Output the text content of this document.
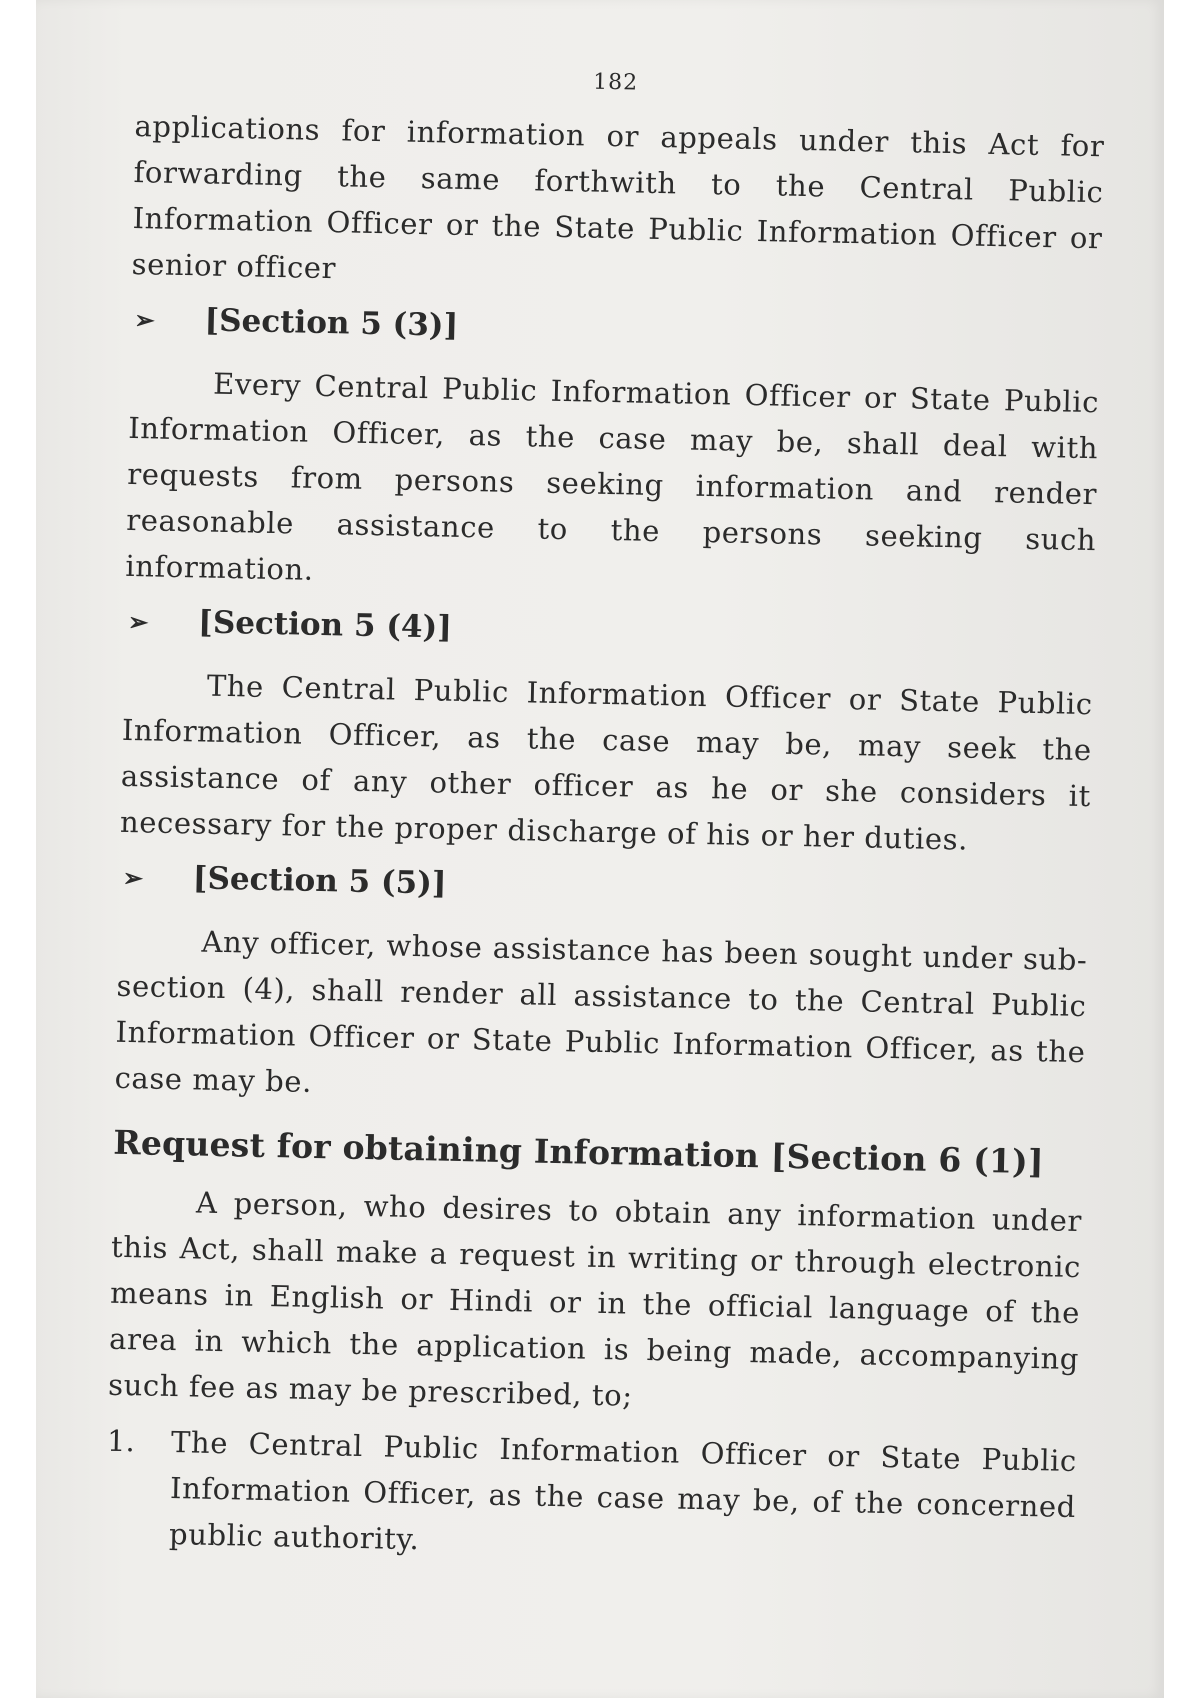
182

applications for information or appeals under this Act for forwarding the same forthwith to the Central Public Information Officer or the State Public Information Officer or senior officer

➢	[Section 5 (3)]

Every Central Public Information Officer or State Public Information Officer, as the case may be, shall deal with requests from persons seeking information and render reasonable assistance to the persons seeking such information.

➢	[Section 5 (4)]

The Central Public Information Officer or State Public Information Officer, as the case may be, may seek the assistance of any other officer as he or she considers it necessary for the proper discharge of his or her duties.

➢	[Section 5 (5)]

Any officer, whose assistance has been sought under sub-section (4), shall render all assistance to the Central Public Information Officer or State Public Information Officer, as the case may be.

Request for obtaining Information [Section 6 (1)]

A person, who desires to obtain any information under this Act, shall make a request in writing or through electronic means in English or Hindi or in the official language of the area in which the application is being made, accompanying such fee as may be prescribed, to;

1.	The Central Public Information Officer or State Public Information Officer, as the case may be, of the concerned public authority.
